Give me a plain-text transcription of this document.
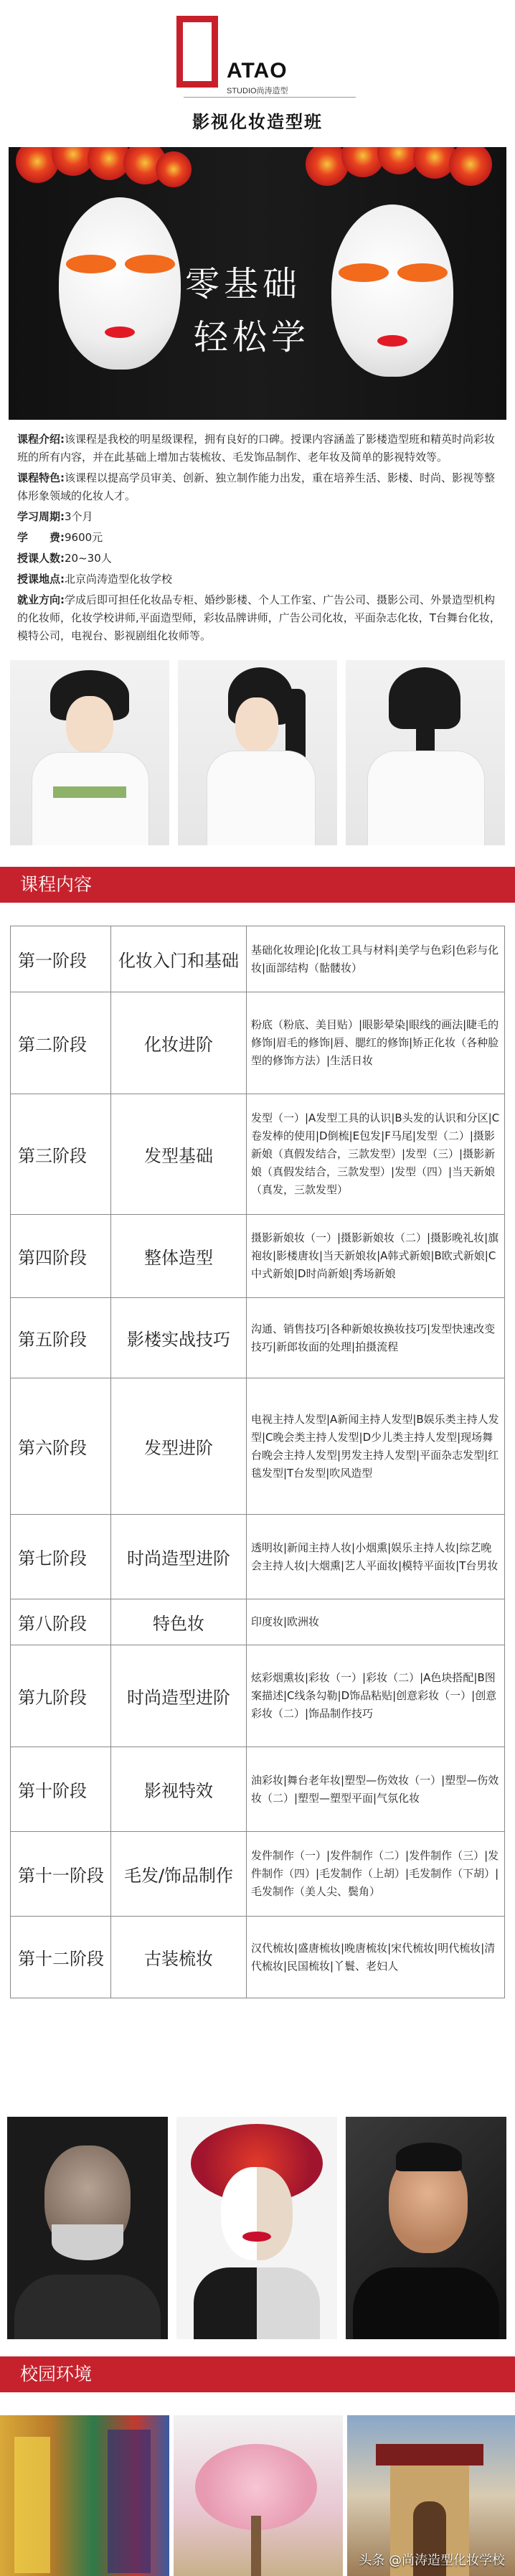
ATAO
STUDIO尚涛造型
影视化妆造型班
零基础
轻松学

课程介绍:该课程是我校的明星级课程，拥有良好的口碑。授课内容涵盖了影楼造型班和精英时尚彩妆班的所有内容，并在此基础上增加古装梳妆、毛发饰品制作、老年妆及简单的影视特效等。

课程特色:该课程以提高学员审美、创新、独立制作能力出发，重在培养生活、影楼、时尚、影视等整体形象领域的化妆人才。

学习周期:3个月

学　　费:9600元

授课人数:20~30人

授课地点:北京尚涛造型化妆学校

就业方向:学成后即可担任化妆品专柜、婚纱影楼、个人工作室、广告公司、摄影公司、外景造型机构的化妆师，化妆学校讲师,平面造型师，彩妆品牌讲师，广告公司化妆，平面杂志化妆，T台舞台化妆，模特公司，电视台、影视剧组化妆师等。

课程内容
第一阶段	化妆入门和基础	基础化妆理论|化妆工具与材料|美学与色彩|色彩与化妆|面部结构（骷髅妆）
第二阶段	化妆进阶	粉底（粉底、美目贴）|眼影晕染|眼线的画法|睫毛的修饰|眉毛的修饰|唇、腮红的修饰|矫正化妆（各种脸型的修饰方法）|生活日妆
第三阶段	发型基础	发型（一）|A发型工具的认识|B头发的认识和分区|C卷发棒的使用|D倒梳|E包发|F马尾|发型（二）|摄影新娘（真假发结合，三款发型）|发型（三）|摄影新娘（真假发结合，三款发型）|发型（四）|当天新娘（真发，三款发型）
第四阶段	整体造型	摄影新娘妆（一）|摄影新娘妆（二）|摄影晚礼妆|旗袍妆|影楼唐妆|当天新娘妆|A韩式新娘|B欧式新娘|C中式新娘|D时尚新娘|秀场新娘
第五阶段	影楼实战技巧	沟通、销售技巧|各种新娘妆换妆技巧|发型快速改变技巧|新郎妆面的处理|拍摄流程
第六阶段	发型进阶	电视主持人发型|A新闻主持人发型|B娱乐类主持人发型|C晚会类主持人发型|D少儿类主持人发型|现场舞台晚会主持人发型|男发主持人发型|平面杂志发型|红毯发型|T台发型|吹风造型
第七阶段	时尚造型进阶	透明妆|新闻主持人妆|小烟熏|娱乐主持人妆|综艺晚会主持人妆|大烟熏|艺人平面妆|模特平面妆|T台男妆
第八阶段	特色妆	印度妆|欧洲妆
第九阶段	时尚造型进阶	炫彩烟熏妆|彩妆（一）|彩妆（二）|A色块搭配|B图案描述|C线条勾勒|D饰品粘贴|创意彩妆（一）|创意彩妆（二）|饰品制作技巧
第十阶段	影视特效	油彩妆|舞台老年妆|塑型—伤效妆（一）|塑型—伤效妆（二）|塑型—塑型平面|气氛化妆
第十一阶段	毛发/饰品制作	发件制作（一）|发件制作（二）|发件制作（三）|发件制作（四）|毛发制作（上胡）|毛发制作（下胡）|毛发制作（美人尖、鬓角）
第十二阶段	古装梳妆	汉代梳妆|盛唐梳妆|晚唐梳妆|宋代梳妆|明代梳妆|清代梳妆|民国梳妆|丫鬟、老妇人
校园环境
头条 @尚涛造型化妆学校
